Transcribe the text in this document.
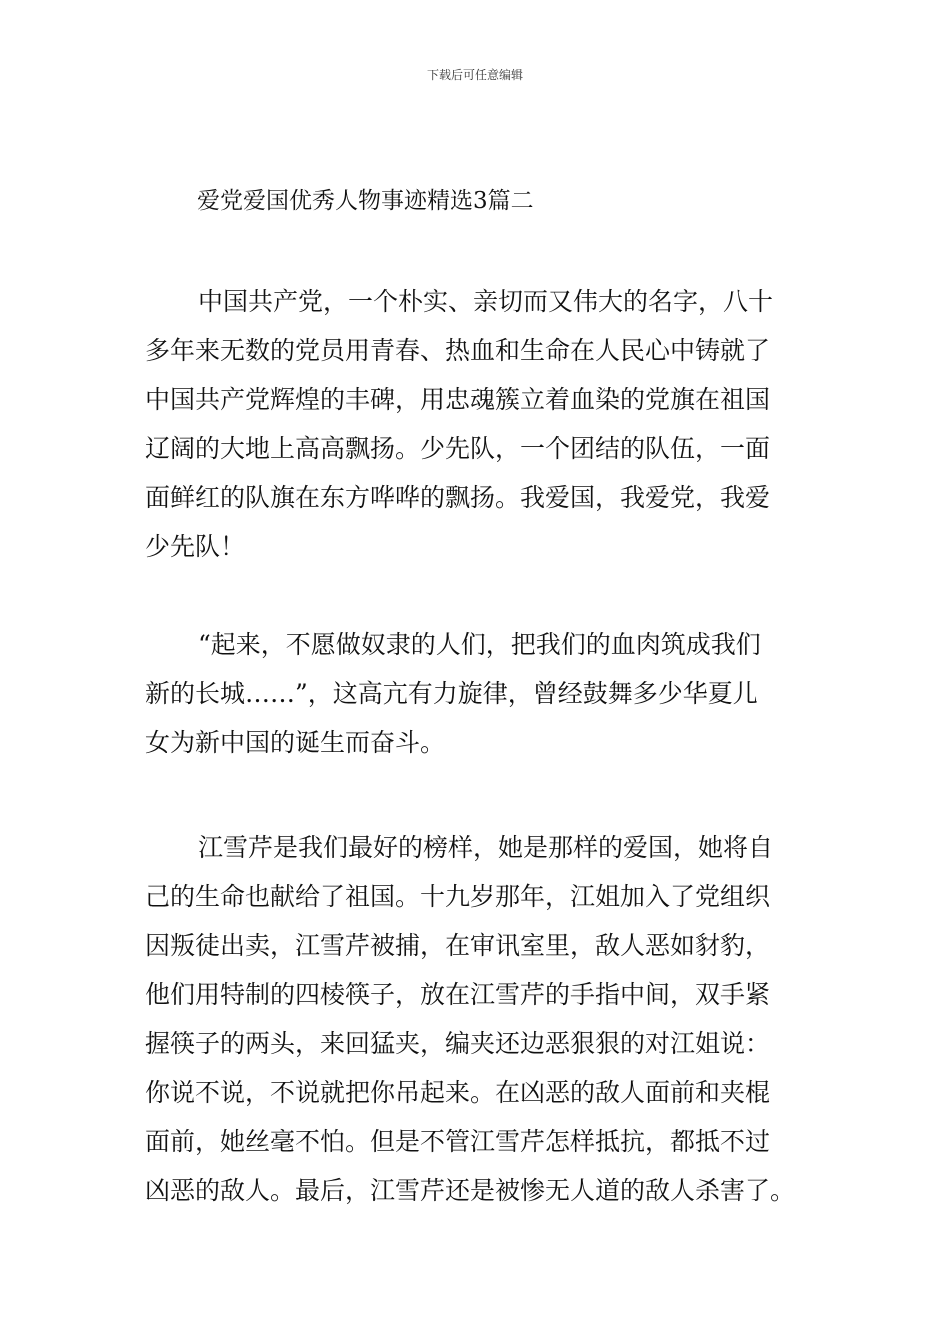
下载后可任意编辑
爱党爱国优秀人物事迹精选3篇二
中国共产党，一个朴实、亲切而又伟大的名字，八十
多年来无数的党员用青春、热血和生命在人民心中铸就了
中国共产党辉煌的丰碑，用忠魂簇立着血染的党旗在祖国
辽阔的大地上高高飘扬。少先队，一个团结的队伍，一面
面鲜红的队旗在东方哗哗的飘扬。我爱国，我爱党，我爱
少先队！
“起来，不愿做奴隶的人们，把我们的血肉筑成我们
新的长城……”，这高亢有力旋律，曾经鼓舞多少华夏儿
女为新中国的诞生而奋斗。
江雪芹是我们最好的榜样，她是那样的爱国，她将自
己的生命也献给了祖国。十九岁那年，江姐加入了党组织
因叛徒出卖，江雪芹被捕，在审讯室里，敌人恶如豺豹，
他们用特制的四棱筷子，放在江雪芹的手指中间，双手紧
握筷子的两头，来回猛夹，编夹还边恶狠狠的对江姐说：
你说不说，不说就把你吊起来。在凶恶的敌人面前和夹棍
面前，她丝毫不怕。但是不管江雪芹怎样抵抗，都抵不过
凶恶的敌人。最后，江雪芹还是被惨无人道的敌人杀害了。
